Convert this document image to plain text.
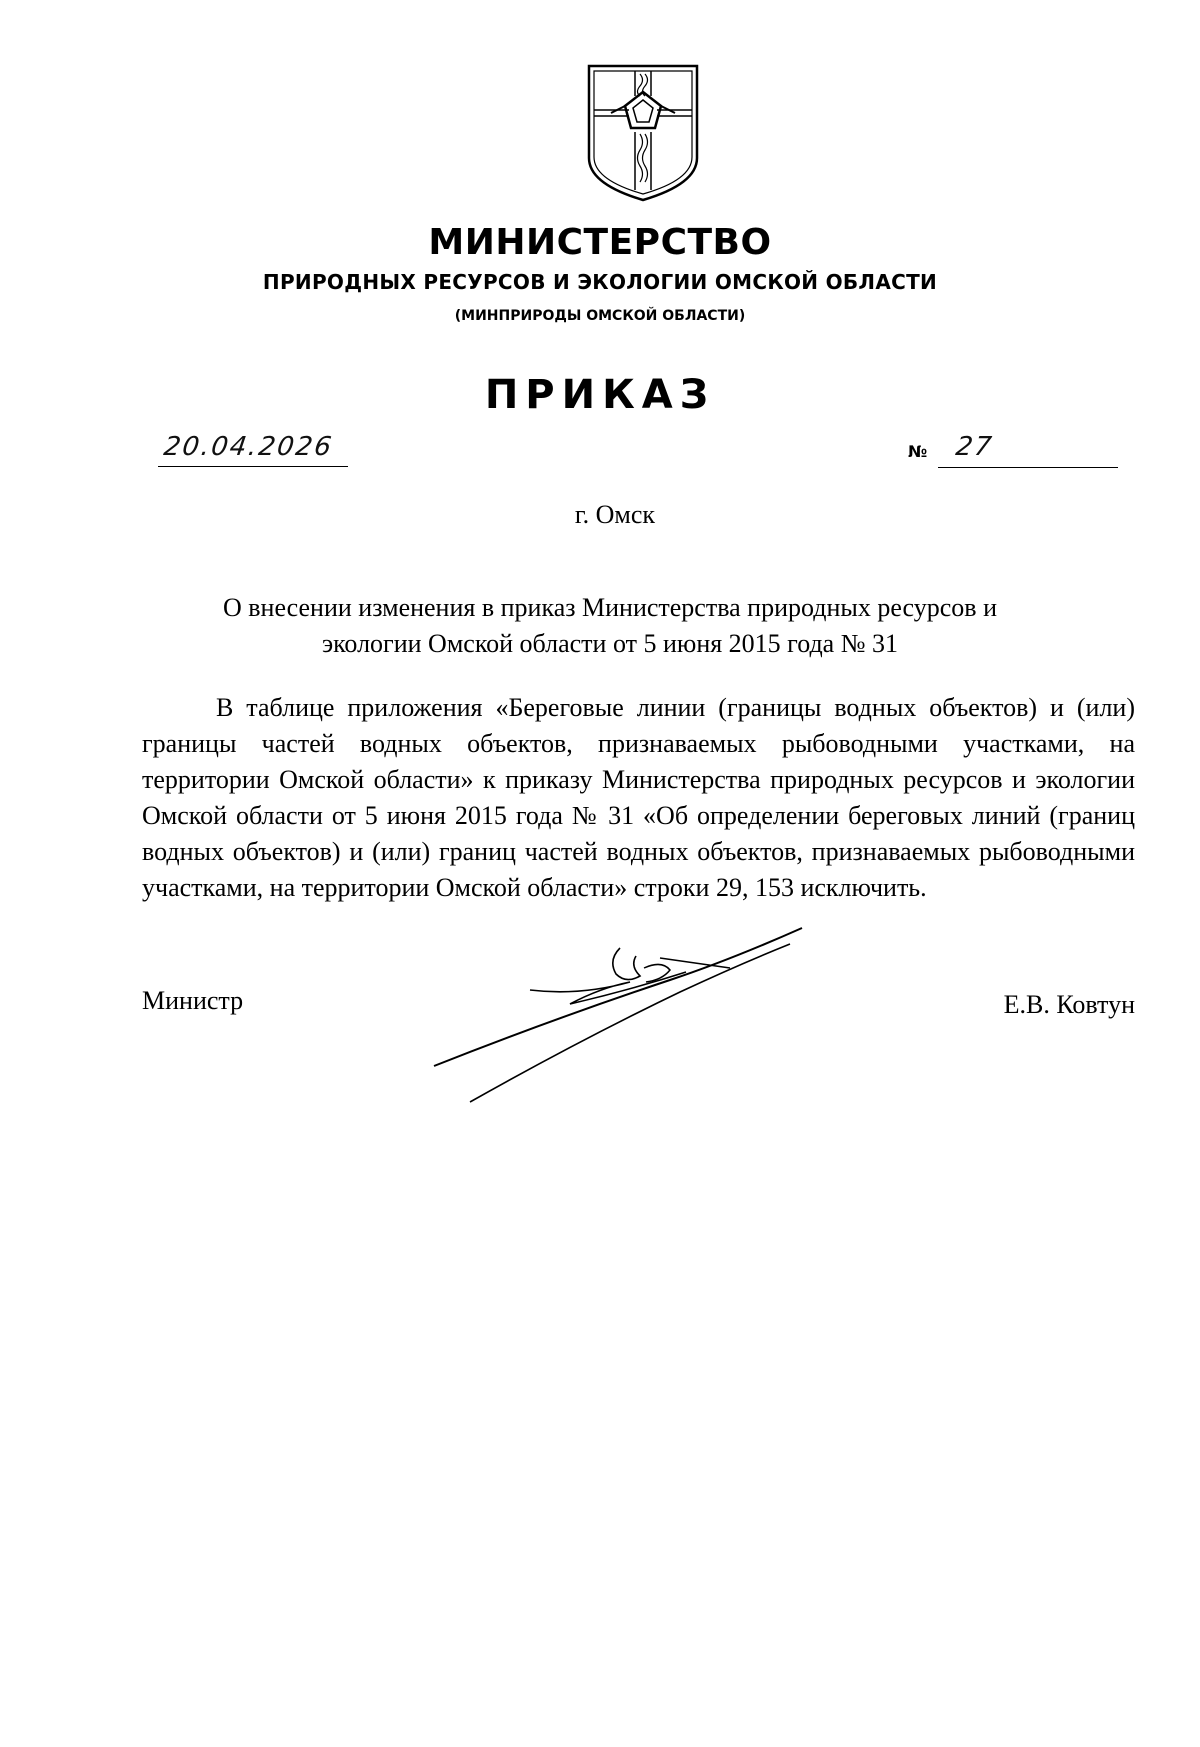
МИНИСТЕРСТВО
ПРИРОДНЫХ РЕСУРСОВ И ЭКОЛОГИИ ОМСКОЙ ОБЛАСТИ
(МИНПРИРОДЫ ОМСКОЙ ОБЛАСТИ)
ПРИКАЗ
20.04.2026	№ 27
г. Омск
О внесении изменения в приказ Министерства природных ресурсов и
экологии Омской области от 5 июня 2015 года № 31

В таблице приложения «Береговые линии (границы водных объектов) и (или) границы частей водных объектов, признаваемых рыбоводными участками, на территории Омской области» к приказу Министерства природных ресурсов и экологии Омской области от 5 июня 2015 года № 31 «Об определении береговых линий (границ водных объектов) и (или) границ частей водных объектов, признаваемых рыбоводными участками, на территории Омской области» строки 29, 153 исключить.

Министр	Е.В. Ковтун
